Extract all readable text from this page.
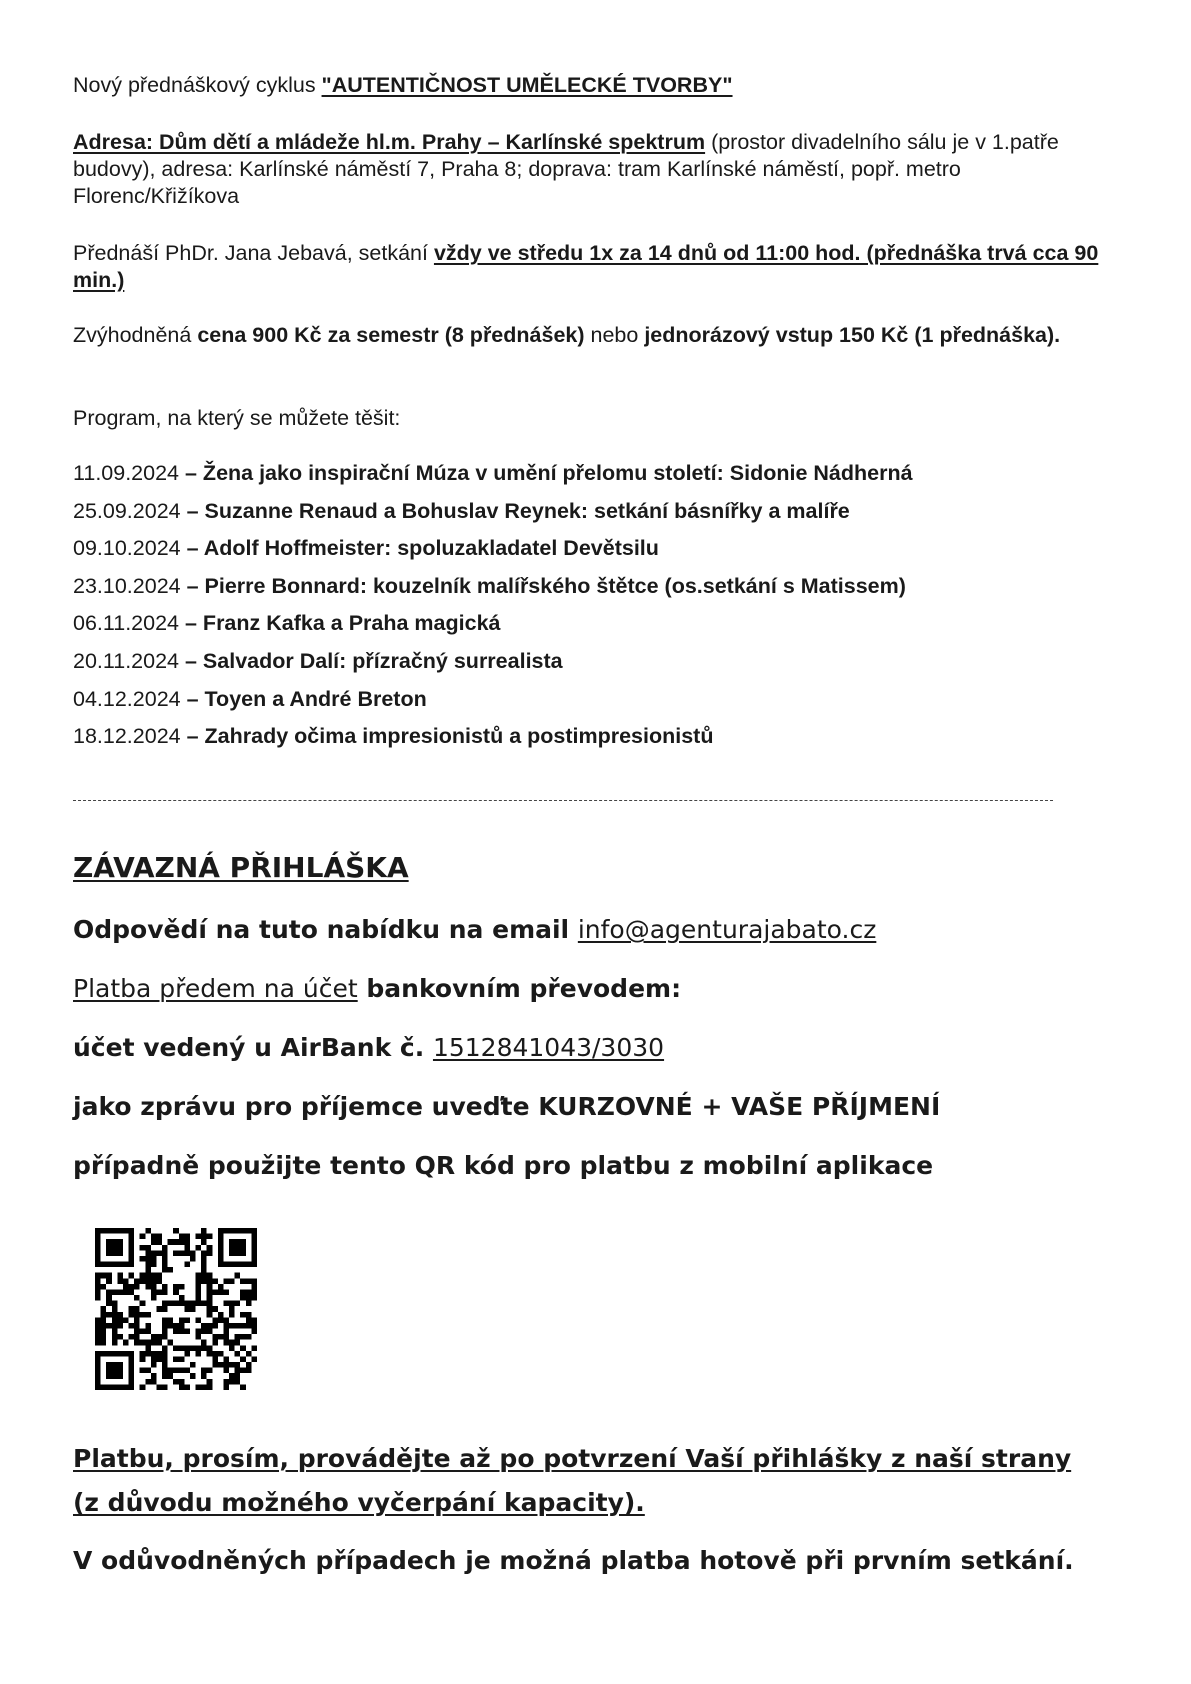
Nový přednáškový cyklus "AUTENTIČNOST UMĚLECKÉ TVORBY"

Adresa: Dům dětí a mládeže hl.m. Prahy – Karlínské spektrum (prostor divadelního sálu je v 1.patře budovy), adresa: Karlínské náměstí 7, Praha 8; doprava: tram Karlínské náměstí, popř. metro Florenc/Křižíkova

Přednáší PhDr. Jana Jebavá, setkání vždy ve středu 1x za 14 dnů od 11:00 hod. (přednáška trvá cca 90 min.)

Zvýhodněná cena 900 Kč za semestr (8 přednášek) nebo jednorázový vstup 150 Kč (1 přednáška).

Program, na který se můžete těšit:

11.09.2024 – Žena jako inspirační Múza v umění přelomu století: Sidonie Nádherná
25.09.2024 – Suzanne Renaud a Bohuslav Reynek: setkání básnířky a malíře
09.10.2024 – Adolf Hoffmeister: spoluzakladatel Devětsilu
23.10.2024 – Pierre Bonnard: kouzelník malířského štětce (os.setkání s Matissem)
06.11.2024 – Franz Kafka a Praha magická
20.11.2024 – Salvador Dalí: přízračný surrealista
04.12.2024 – Toyen a André Breton
18.12.2024 – Zahrady očima impresionistů a postimpresionistů

ZÁVAZNÁ PŘIHLÁŠKA

Odpovědí na tuto nabídku na email info@agenturajabato.cz

Platba předem na účet bankovním převodem:

účet vedený u AirBank č. 1512841043/3030

jako zprávu pro příjemce uveďte KURZOVNÉ + VAŠE PŘÍJMENÍ

případně použijte tento QR kód pro platbu z mobilní aplikace

Platbu, prosím, provádějte až po potvrzení Vaší přihlášky z naší strany
(z důvodu možného vyčerpání kapacity).

V odůvodněných případech je možná platba hotově při prvním setkání.
